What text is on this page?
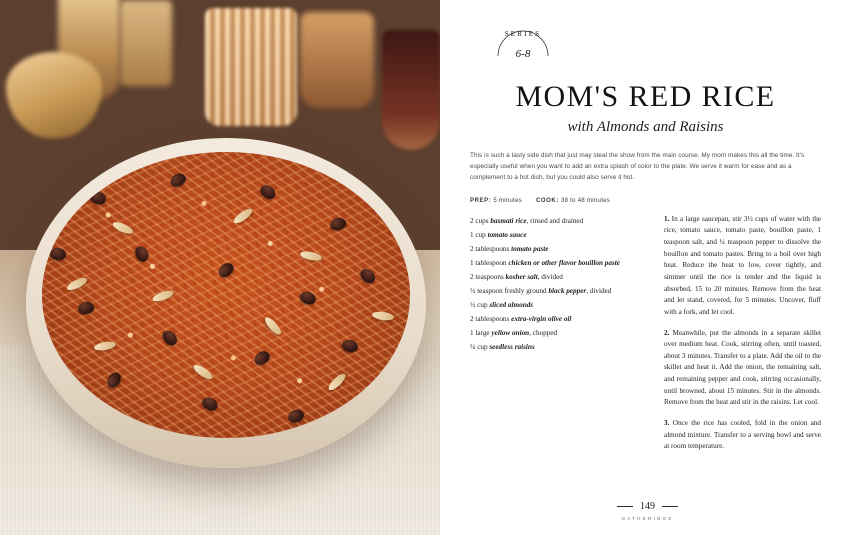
SERIES
6-8
MOM'S RED RICE
with Almonds and Raisins

This is such a tasty side dish that just may steal the show from the main course. My mom makes this all the time. It's especially useful when you want to add an extra splash of color to the plate. We serve it warm for ease and as a complement to a hot dish, but you could also serve it hot.

PREP: 5 minutes COOK: 38 to 48 minutes
2 cups basmati rice, rinsed and drained
1 cup tomato sauce
2 tablespoons tomato paste
1 tablespoon chicken or other flavor bouillon paste
2 teaspoons kosher salt, divided
½ teaspoon freshly ground black pepper, divided
½ cup sliced almonds
2 tablespoons extra-virgin olive oil
1 large yellow onion, chopped
¼ cup seedless raisins

1. In a large saucepan, stir 3½ cups of water with the rice, tomato sauce, tomato paste, bouillon paste, 1 teaspoon salt, and ¼ teaspoon pepper to dissolve the bouillon and tomato pastes. Bring to a boil over high heat. Reduce the heat to low, cover tightly, and simmer until the rice is tender and the liquid is absorbed, 15 to 20 minutes. Remove from the heat and let stand, covered, for 5 minutes. Uncover, fluff with a fork, and let cool.

2. Meanwhile, put the almonds in a separate skillet over medium heat. Cook, stirring often, until toasted, about 3 minutes. Transfer to a plate. Add the oil to the skillet and heat it. Add the onion, the remaining salt, and remaining pepper and cook, stirring occasionally, until browned, about 15 minutes. Stir in the almonds. Remove from the heat and stir in the raisins. Let cool.

3. Once the rice has cooled, fold in the onion and almond mixture. Transfer to a serving bowl and serve at room temperature.

149
GATHERINGS
